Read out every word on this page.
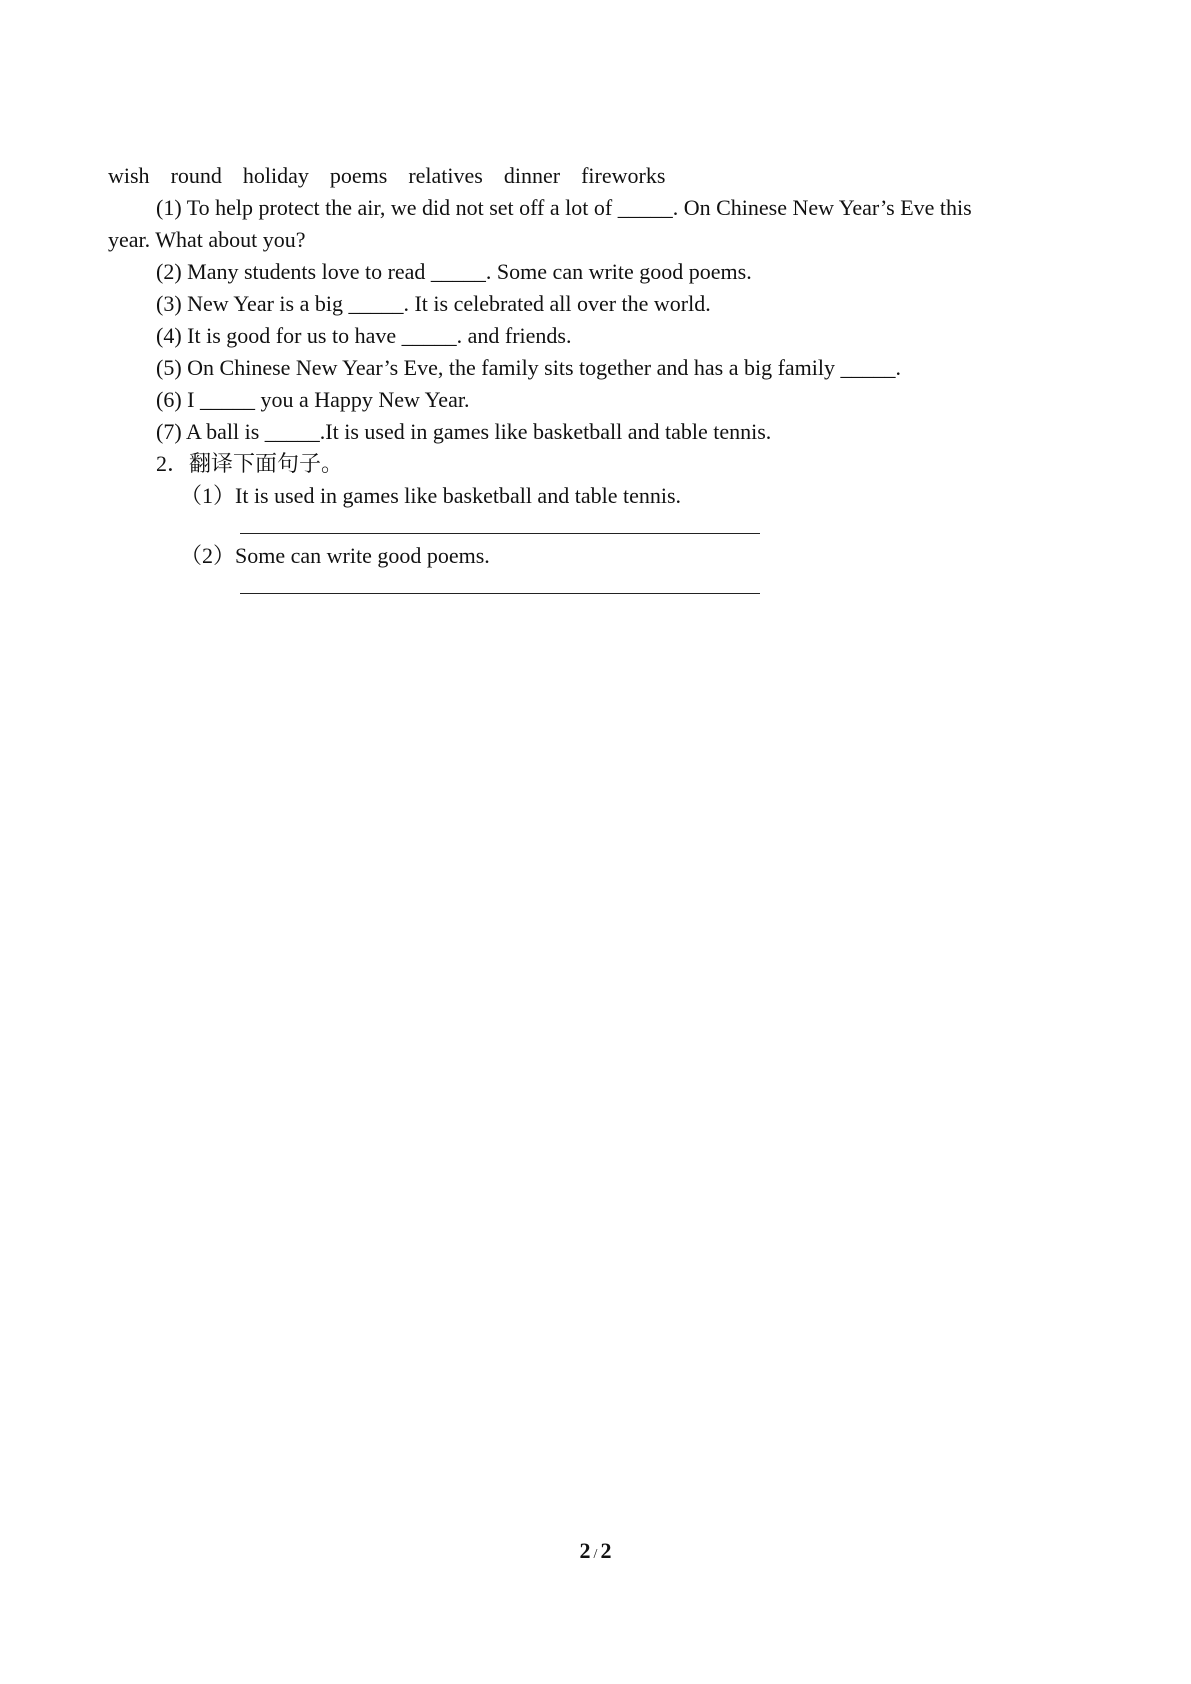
wish round holiday poems relatives dinner fireworks
(1) To help protect the air, we did not set off a lot of _____. On Chinese New Year’s Eve this
year. What about you?
(2) Many students love to read _____. Some can write good poems.
(3) New Year is a big _____. It is celebrated all over the world.
(4) It is good for us to have _____. and friends.
(5) On Chinese New Year’s Eve, the family sits together and has a big family _____.
(6) I _____ you a Happy New Year.
(7) A ball is _____.It is used in games like basketball and table tennis.
2．翻译下面句子。
（1）It is used in games like basketball and table tennis.
（2）Some can write good poems.
2 / 2
